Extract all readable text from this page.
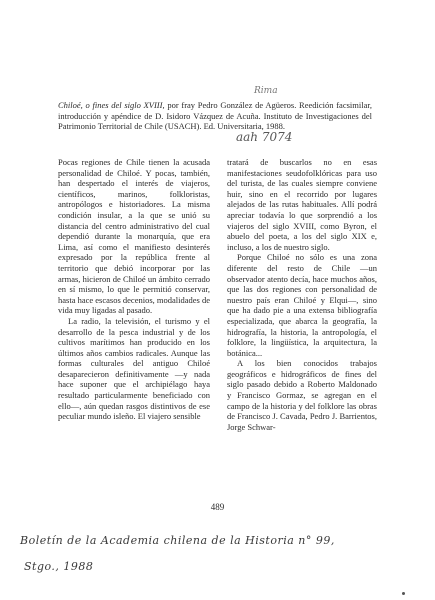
Rima
aah 7074

Chiloé, o fines del siglo XVIII, por fray Pedro González de Agüeros. Reedición facsimilar, introducción y apéndice de D. Isidoro Vázquez de Acuña. Instituto de Investigaciones del Patrimonio Territorial de Chile (USACH). Ed. Universitaria, 1988.

Pocas regiones de Chile tienen la acusada personalidad de Chiloé. Y pocas, también, han despertado el interés de viajeros, científicos, marinos, folkloristas, antropólogos e historiadores. La misma condición insular, a la que se unió su distancia del centro administrativo del cual dependió durante la monarquía, que era Lima, así como el manifiesto desinterés expresado por la república frente al territorio que debió incorporar por las armas, hicieron de Chiloé un ámbito cerrado en sí mismo, lo que le permitió conservar, hasta hace escasos decenios, modalidades de vida muy ligadas al pasado.

La radio, la televisión, el turismo y el desarrollo de la pesca industrial y de los cultivos marítimos han producido en los últimos años cambios radicales. Aunque las formas culturales del antiguo Chiloé desaparecieron definitivamente —y nada hace suponer que el archipiélago haya resultado particularmente beneficiado con ello—, aún quedan rasgos distintivos de ese peculiar mundo isleño. El viajero sensible

tratará de buscarlos no en esas manifestaciones seudofolklóricas para uso del turista, de las cuales siempre conviene huir, sino en el recorrido por lugares alejados de las rutas habituales. Allí podrá apreciar todavía lo que sorprendió a los viajeros del siglo XVIII, como Byron, el abuelo del poeta, a los del siglo XIX e, incluso, a los de nuestro siglo.

Porque Chiloé no sólo es una zona diferente del resto de Chile —un observador atento decía, hace muchos años, que las dos regiones con personalidad de nuestro país eran Chiloé y Elqui—, sino que ha dado pie a una extensa bibliografía especializada, que abarca la geografía, la hidrografía, la historia, la antropología, el folklore, la lingüística, la arquitectura, la botánica...

A los bien conocidos trabajos geográficos e hidrográficos de fines del siglo pasado debido a Roberto Maldonado y Francisco Gormaz, se agregan en el campo de la historia y del folklore las obras de Francisco J. Cavada, Pedro J. Barrientos, Jorge Schwar-

489
Boletín de la Academia chilena de la Historia n° 99,
Stgo., 1988
